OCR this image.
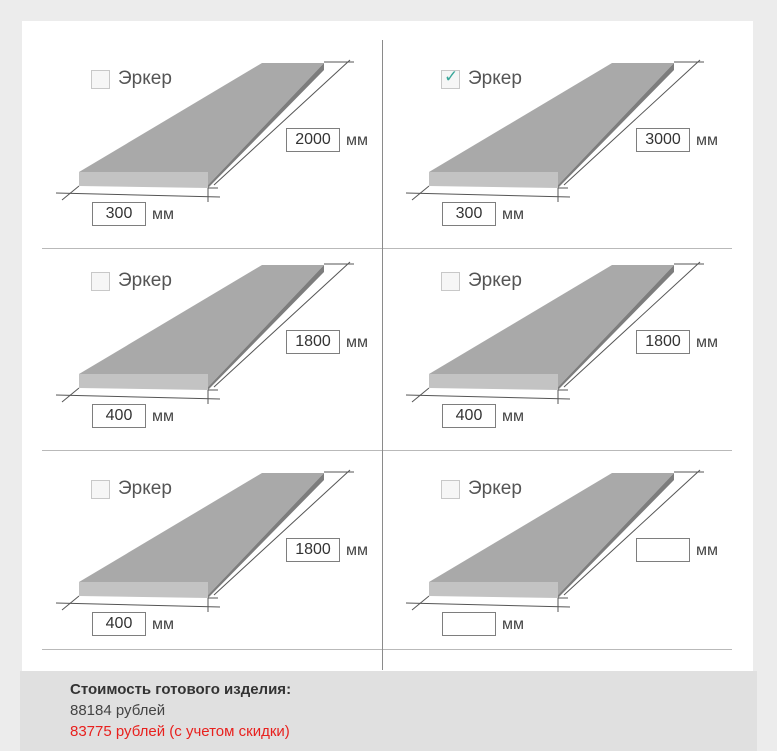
Эркер
2000
мм
300
мм
✓ Эркер
3000
мм
300
мм
Эркер
1800
мм
400
мм
Эркер
1800
мм
400
мм
Эркер
1800
мм
400
мм
Эркер
мм
мм
Стоимость готового изделия:
88184 рублей
83775 рублей (с учетом скидки)
